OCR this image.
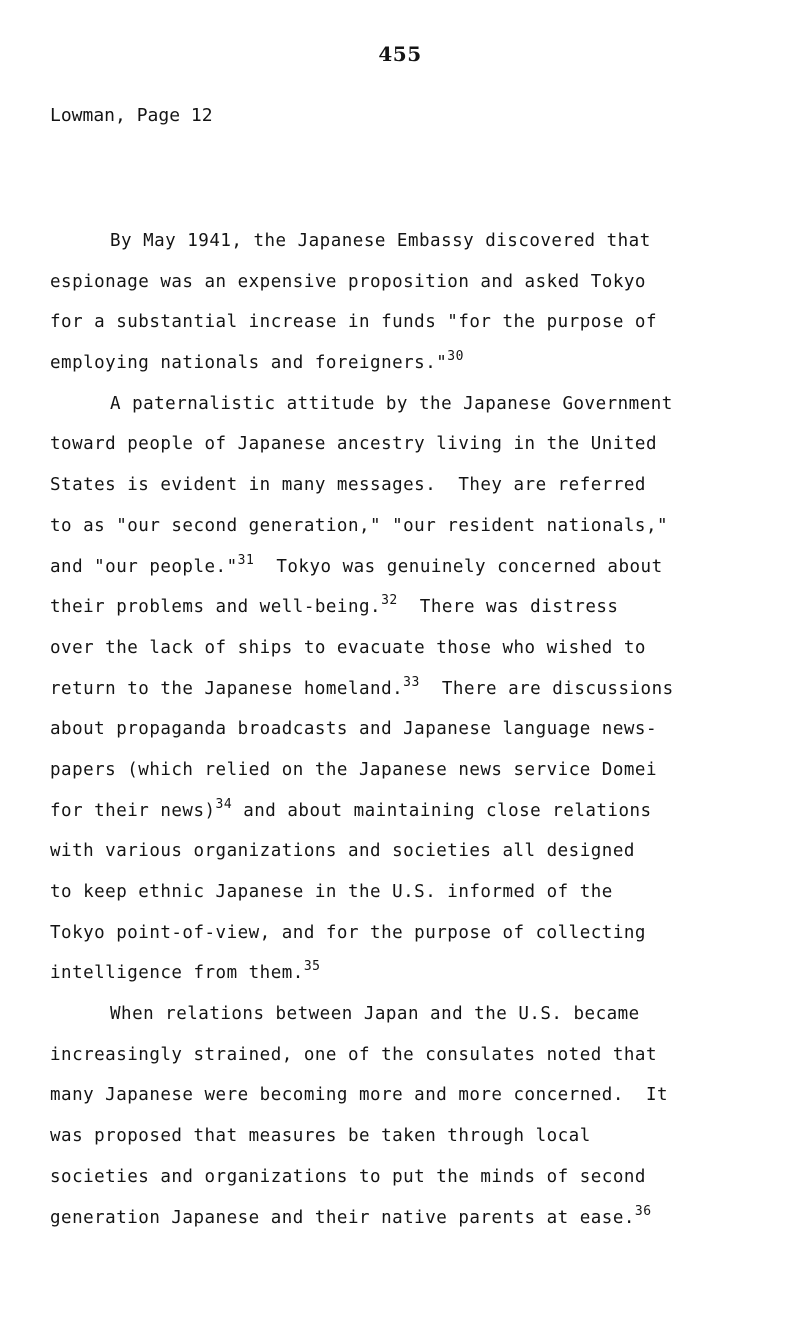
455
Lowman, Page 12
By May 1941, the Japanese Embassy discovered that
espionage was an expensive proposition and asked Tokyo
for a substantial increase in funds "for the purpose of
employing nationals and foreigners."$^{30}$
A paternalistic attitude by the Japanese Government
toward people of Japanese ancestry living in the United
States is evident in many messages.  They are referred
to as "our second generation," "our resident nationals,"
and "our people."$^{31}$  Tokyo was genuinely concerned about
their problems and well-being.$^{32}$  There was distress
over the lack of ships to evacuate those who wished to
return to the Japanese homeland.$^{33}$  There are discussions
about propaganda broadcasts and Japanese language news-
papers (which relied on the Japanese news service Domei
for their news)$^{34}$ and about maintaining close relations
with various organizations and societies all designed
to keep ethnic Japanese in the U.S. informed of the
Tokyo point-of-view, and for the purpose of collecting
intelligence from them.$^{35}$
When relations between Japan and the U.S. became
increasingly strained, one of the consulates noted that
many Japanese were becoming more and more concerned.  It
was proposed that measures be taken through local
societies and organizations to put the minds of second
generation Japanese and their native parents at ease.$^{36}$
